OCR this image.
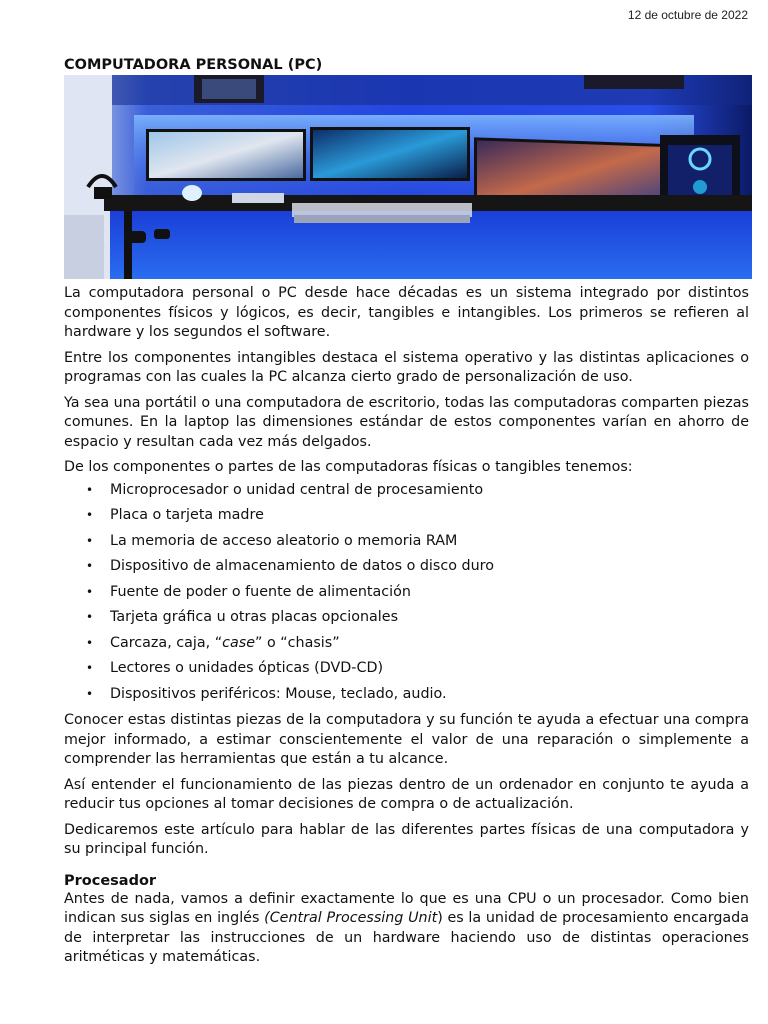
12 de octubre de 2022
COMPUTADORA PERSONAL (PC)

La computadora personal o PC desde hace décadas es un sistema integrado por distintos componentes físicos y lógicos, es decir, tangibles e intangibles. Los primeros se refieren al hardware y los segundos el software.

Entre los componentes intangibles destaca el sistema operativo y las distintas aplicaciones o programas con las cuales la PC alcanza cierto grado de personalización de uso.

Ya sea una portátil o una computadora de escritorio, todas las computadoras comparten piezas comunes. En la laptop las dimensiones estándar de estos componentes varían en ahorro de espacio y resultan cada vez más delgados.

De los componentes o partes de las computadoras físicas o tangibles tenemos:

• Microprocesador o unidad central de procesamiento
• Placa o tarjeta madre
• La memoria de acceso aleatorio o memoria RAM
• Dispositivo de almacenamiento de datos o disco duro
• Fuente de poder o fuente de alimentación
• Tarjeta gráfica u otras placas opcionales
• Carcaza, caja, “case” o “chasis”
• Lectores o unidades ópticas (DVD-CD)
• Dispositivos periféricos: Mouse, teclado, audio.

Conocer estas distintas piezas de la computadora y su función te ayuda a efectuar una compra mejor informado, a estimar conscientemente el valor de una reparación o simplemente a comprender las herramientas que están a tu alcance.

Así entender el funcionamiento de las piezas dentro de un ordenador en conjunto te ayuda a reducir tus opciones al tomar decisiones de compra o de actualización.

Dedicaremos este artículo para hablar de las diferentes partes físicas de una computadora y su principal función.

Procesador

Antes de nada, vamos a definir exactamente lo que es una CPU o un procesador. Como bien indican sus siglas en inglés (Central Processing Unit) es la unidad de procesamiento encargada de interpretar las instrucciones de un hardware haciendo uso de distintas operaciones aritméticas y matemáticas.
